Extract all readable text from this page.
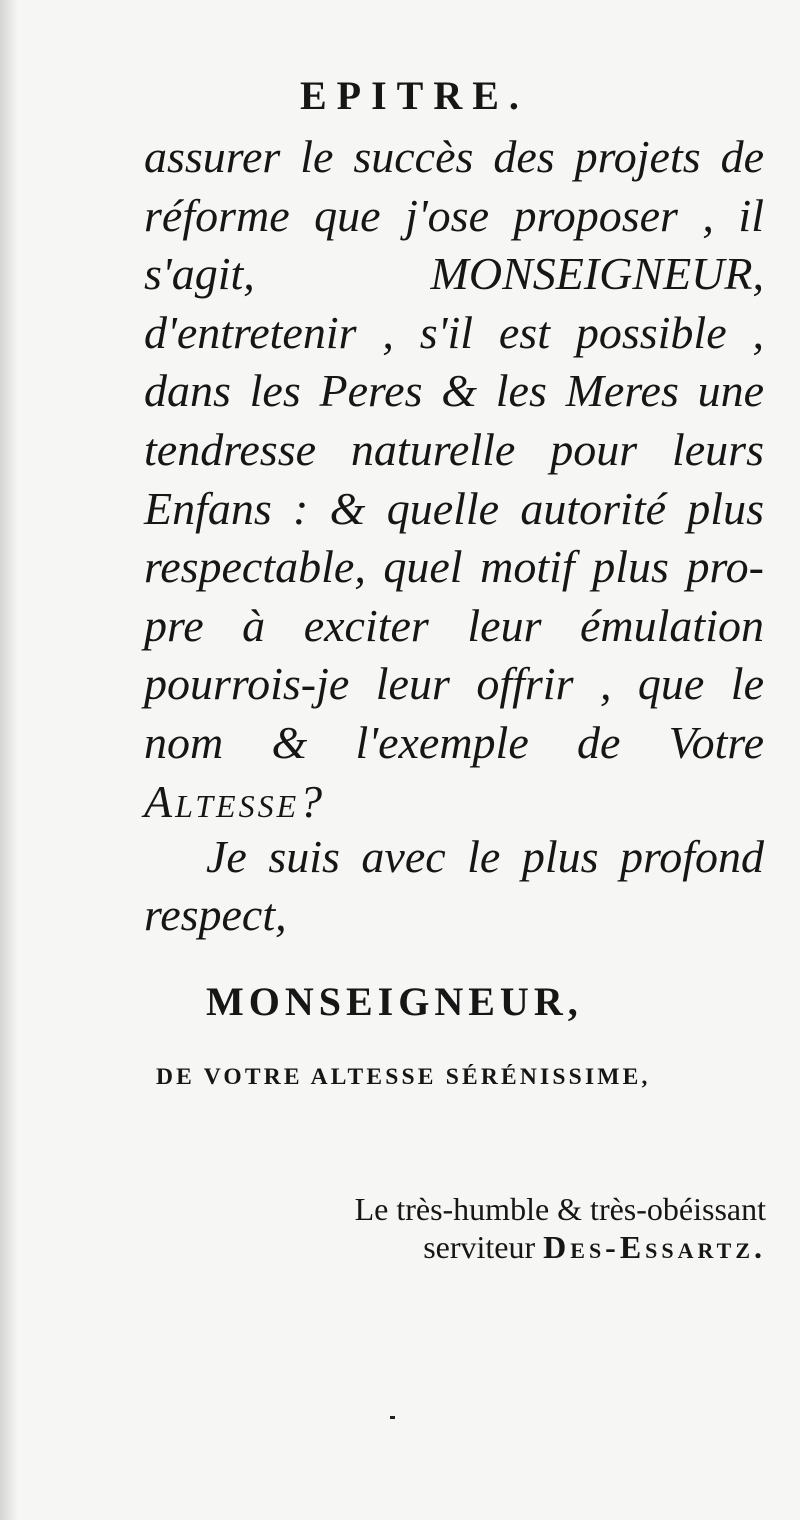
EPITRE.
assurer le succès des projets de
réforme que j'ose proposer , il
s'agit, MONSEIGNEUR,
d'entretenir , s'il est possible ,
dans les Peres & les Meres une
tendresse naturelle pour leurs
Enfans : & quelle autorité plus
respectable, quel motif plus pro-
pre à exciter leur émulation
pourrois-je leur offrir , que le
nom & l'exemple de Votre
Altesse?
Je suis avec le plus profond
respect,
MONSEIGNEUR,
DE VOTRE ALTESSE SÉRÉNISSIME,
Le très-humble & très-obéissant
serviteur Des-Essartz.
